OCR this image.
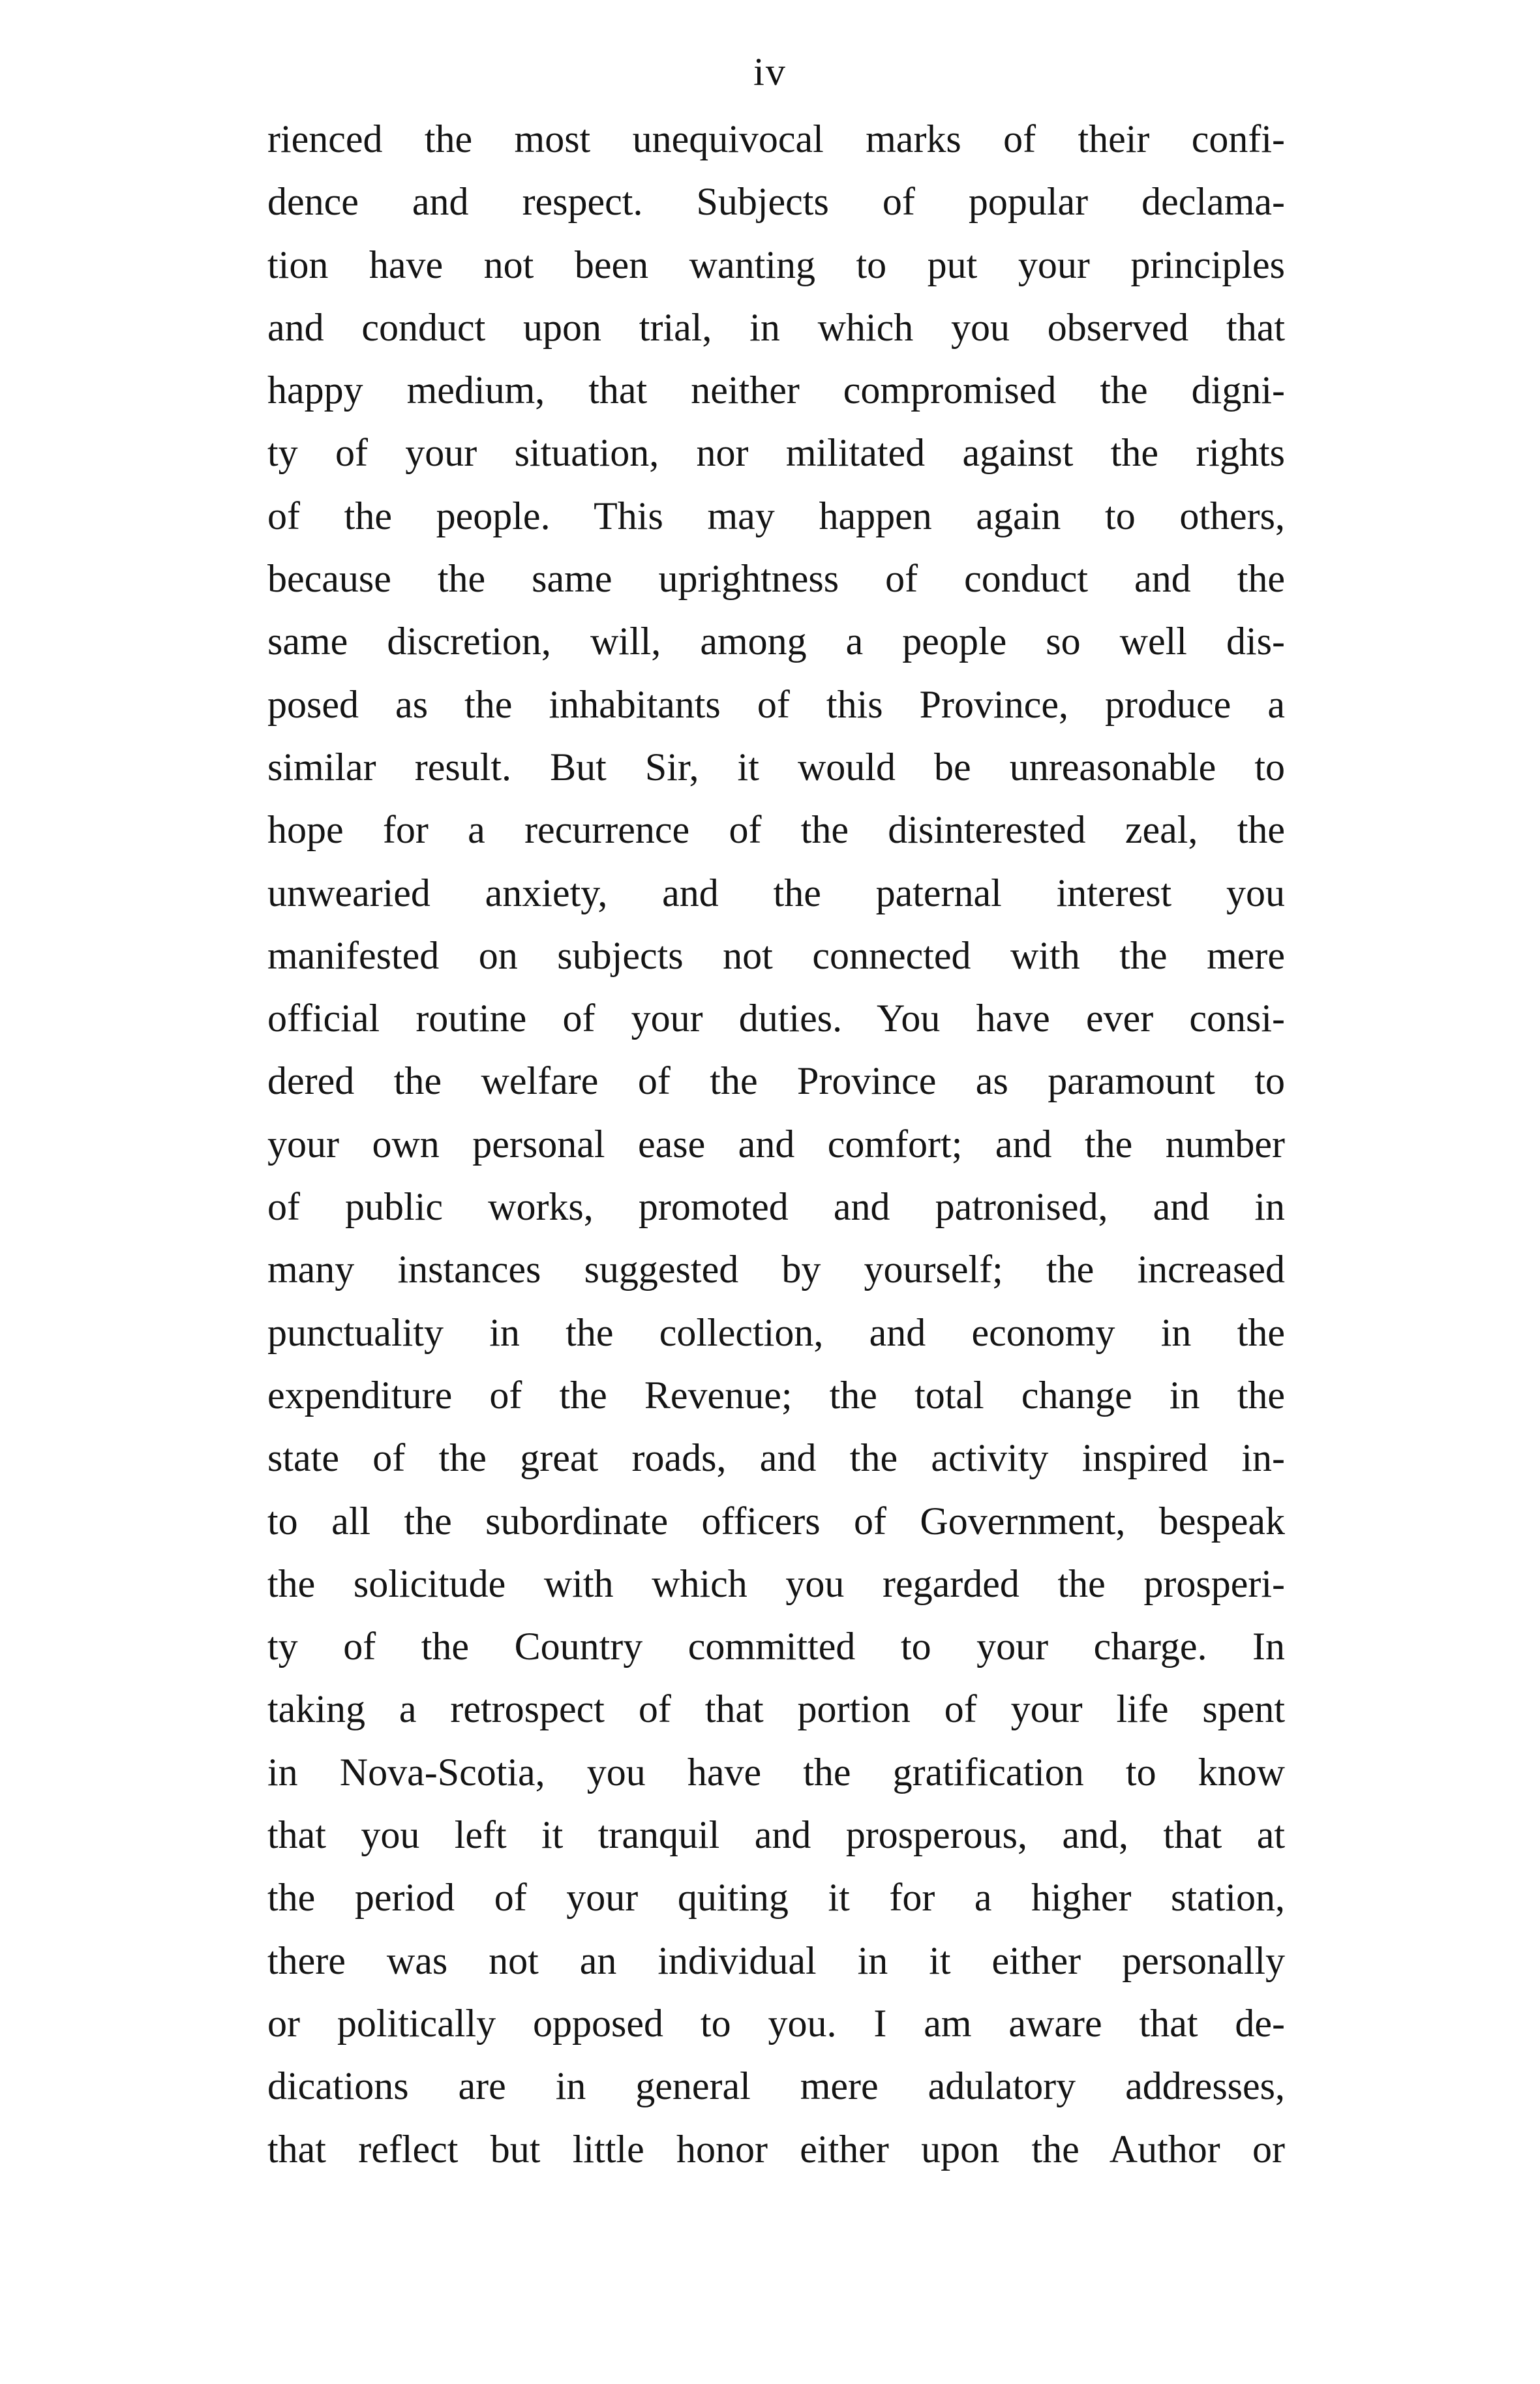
iv
rienced the most unequivocal marks of their confi-
dence and respect. Subjects of popular declama-
tion have not been wanting to put your principles
and conduct upon trial, in which you observed that
happy medium, that neither compromised the digni-
ty of your situation, nor militated against the rights
of the people. This may happen again to others,
because the same uprightness of conduct and the
same discretion, will, among a people so well dis-
posed as the inhabitants of this Province, produce a
similar result. But Sir, it would be unreasonable to
hope for a recurrence of the disinterested zeal, the
unwearied anxiety, and the paternal interest you
manifested on subjects not connected with the mere
official routine of your duties. You have ever consi-
dered the welfare of the Province as paramount to
your own personal ease and comfort; and the number
of public works, promoted and patronised, and in
many instances suggested by yourself; the increased
punctuality in the collection, and economy in the
expenditure of the Revenue; the total change in the
state of the great roads, and the activity inspired in-
to all the subordinate officers of Government, bespeak
the solicitude with which you regarded the prosperi-
ty of the Country committed to your charge. In
taking a retrospect of that portion of your life spent
in Nova-Scotia, you have the gratification to know
that you left it tranquil and prosperous, and, that at
the period of your quiting it for a higher station,
there was not an individual in it either personally
or politically opposed to you. I am aware that de-
dications are in general mere adulatory addresses,
that reflect but little honor either upon the Author or
